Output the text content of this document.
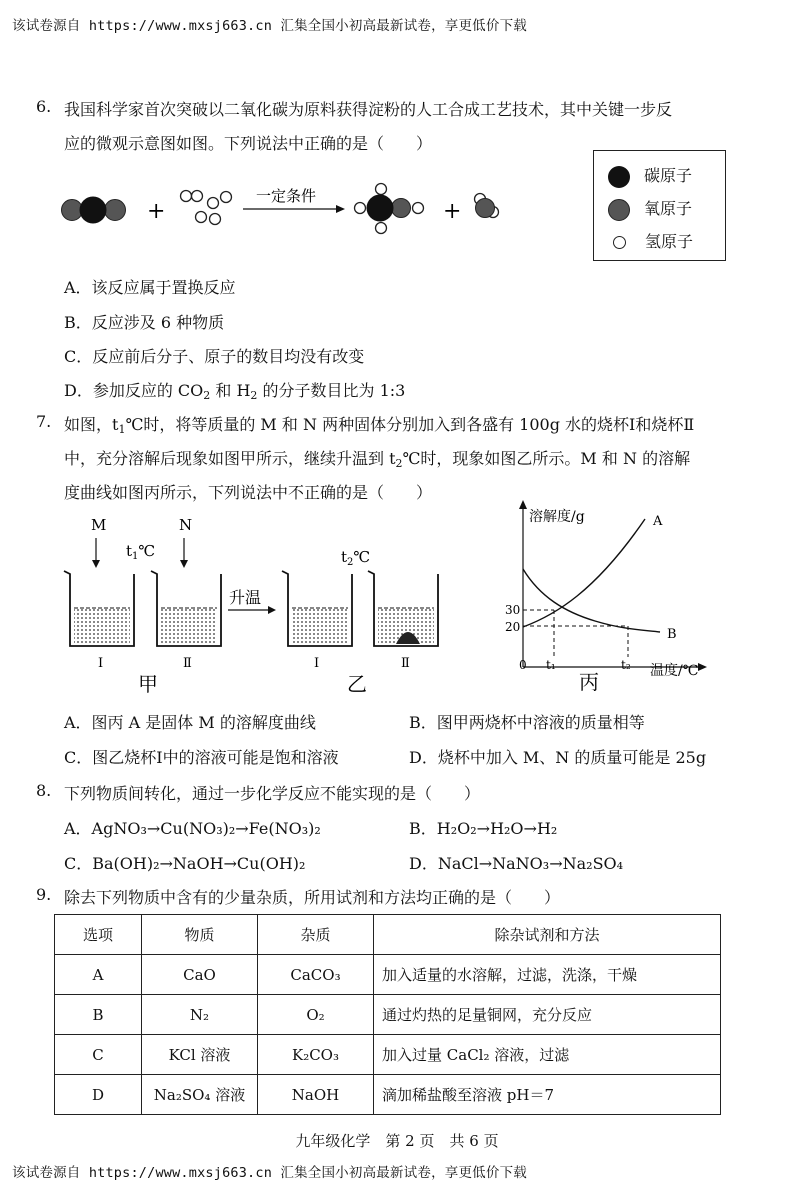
该试卷源自 https://www.mxsj663.cn 汇集全国小初高最新试卷，享更低价下载
该试卷源自 https://www.mxsj663.cn 汇集全国小初高最新试卷，享更低价下载
6. 我国科学家首次突破以二氧化碳为原料获得淀粉的人工合成工艺技术，其中关键一步反
应的微观示意图如图。下列说法中正确的是（　　）
+
一定条件
+
碳原子
氧原子
氢原子
A．该反应属于置换反应
B．反应涉及 6 种物质
C．反应前后分子、原子的数目均没有改变
D．参加反应的 $CO_2$ 和 $H_2$ 的分子数目比为 1:3
7. 如图，$t_1℃$时，将等质量的 M 和 N 两种固体分别加入到各盛有 100g 水的烧杯Ⅰ和烧杯Ⅱ
中，充分溶解后现象如图甲所示，继续升温到 $t_2℃$时，现象如图乙所示。M 和 N 的溶解
度曲线如图丙所示，下列说法中不正确的是（　　）
M	N
$t_1℃$	$t_2℃$
升温
Ⅰ	Ⅱ	Ⅰ	Ⅱ
甲	乙
溶解度/g
温度/℃
30
20
0 t₁	t₂
A
B
丙
A．图丙 A 是固体 M 的溶解度曲线	B．图甲两烧杯中溶液的质量相等
C．图乙烧杯Ⅰ中的溶液可能是饱和溶液	D．烧杯中加入 M、N 的质量可能是 25g
8. 下列物质间转化，通过一步化学反应不能实现的是（　　）
A．AgNO₃→Cu(NO₃)₂→Fe(NO₃)₂	B．H₂O₂→H₂O→H₂
C．Ba(OH)₂→NaOH→Cu(OH)₂	D．NaCl→NaNO₃→Na₂SO₄
9. 除去下列物质中含有的少量杂质，所用试剂和方法均正确的是（　　）
选项	物质	杂质	除杂试剂和方法
A	CaO	CaCO₃	加入适量的水溶解，过滤，洗涤，干燥
B	N₂	O₂	通过灼热的足量铜网，充分反应
C	KCl 溶液	K₂CO₃	加入过量 CaCl₂ 溶液，过滤
D	Na₂SO₄ 溶液	NaOH	滴加稀盐酸至溶液 pH＝7
九年级化学　第 2 页　共 6 页
